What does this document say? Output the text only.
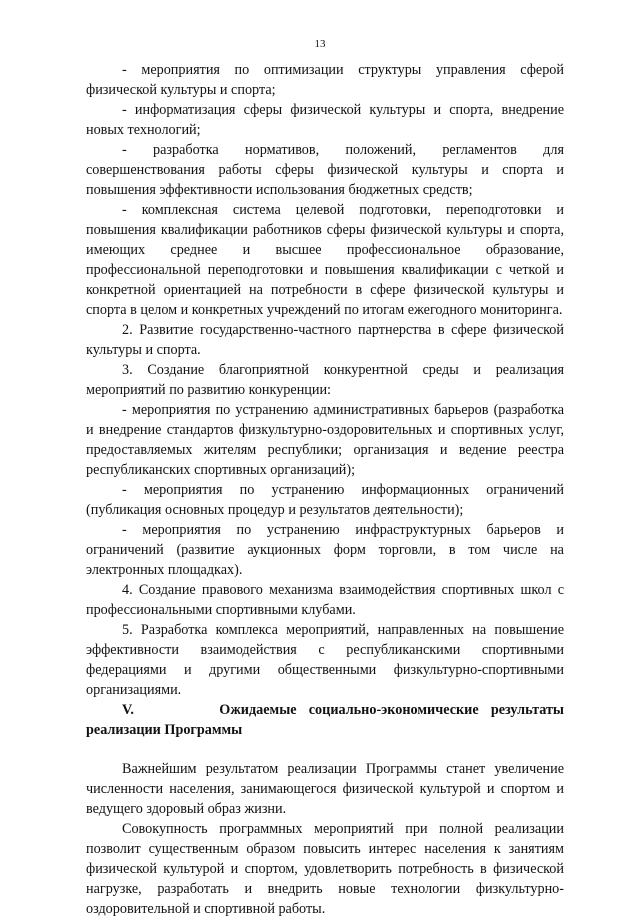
13

- мероприятия по оптимизации структуры управления сферой физической культуры и спорта;

- информатизация сферы физической культуры и спорта, внедрение новых технологий;

- разработка нормативов, положений, регламентов для совершенствования работы сферы физической культуры и спорта и повышения эффективности использования бюджетных средств;

- комплексная система целевой подготовки, переподготовки и повышения квалификации работников сферы физической культуры и спорта, имеющих среднее и высшее профессиональное образование, профессиональной переподготовки и повышения квалификации с четкой и конкретной ориентацией на потребности в сфере физической культуры и спорта в целом и конкретных учреждений по итогам ежегодного мониторинга.

2. Развитие государственно-частного партнерства в сфере физической культуры и спорта.

3. Создание благоприятной конкурентной среды и реализация мероприятий по развитию конкуренции:

- мероприятия по устранению административных барьеров (разработка и внедрение стандартов физкультурно-оздоровительных и спортивных услуг, предоставляемых жителям республики; организация и ведение реестра республиканских спортивных организаций);

- мероприятия по устранению информационных ограничений (публикация основных процедур и результатов деятельности);

- мероприятия по устранению инфраструктурных барьеров и ограничений (развитие аукционных форм торговли, в том числе на электронных площадках).

4. Создание правового механизма взаимодействия спортивных школ с профессиональными спортивными клубами.

5. Разработка комплекса мероприятий, направленных на повышение эффективности взаимодействия с республиканскими спортивными федерациями и другими общественными физкультурно-спортивными организациями.

V.	Ожидаемые социально-экономические результаты реализации Программы

Важнейшим результатом реализации Программы станет увеличение численности населения, занимающегося физической культурой и спортом и ведущего здоровый образ жизни.

Совокупность программных мероприятий при полной реализации позволит существенным образом повысить интерес населения к занятиям физической культурой и спортом, удовлетворить потребность в физической нагрузке, разработать и внедрить новые технологии физкультурно-оздоровительной и спортивной работы.
